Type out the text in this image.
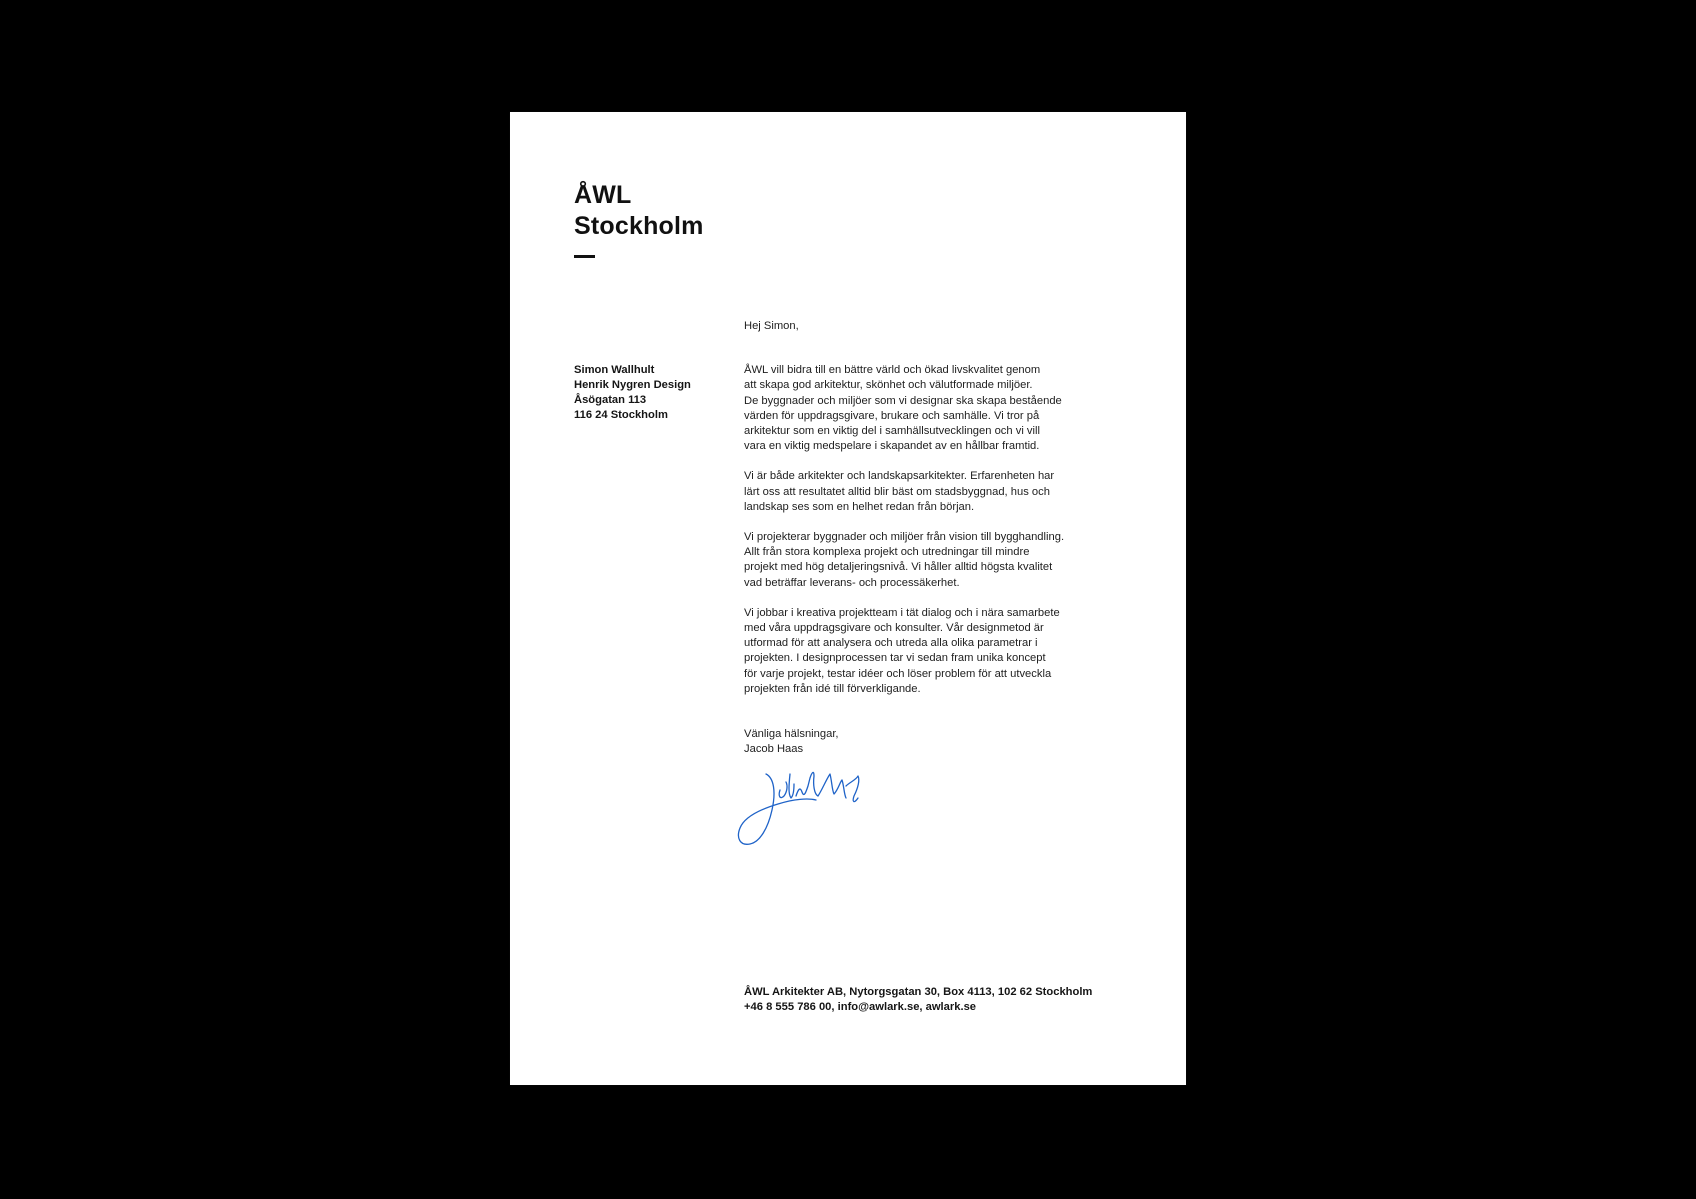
ÅWL
Stockholm
Simon Wallhult
Henrik Nygren Design
Åsögatan 113
116 24 Stockholm

Hej Simon,

ÅWL vill bidra till en bättre värld och ökad livskvalitet genom
att skapa god arkitektur, skönhet och välutformade miljöer.
De byggnader och miljöer som vi designar ska skapa bestående
värden för uppdragsgivare, brukare och samhälle. Vi tror på
arkitektur som en viktig del i samhällsutvecklingen och vi vill
vara en viktig medspelare i skapandet av en hållbar framtid.

Vi är både arkitekter och landskapsarkitekter. Erfarenheten har
lärt oss att resultatet alltid blir bäst om stadsbyggnad, hus och
landskap ses som en helhet redan från början.

Vi projekterar byggnader och miljöer från vision till bygghandling.
Allt från stora komplexa projekt och utredningar till mindre
projekt med hög detaljeringsnivå. Vi håller alltid högsta kvalitet
vad beträffar leverans- och processäkerhet.

Vi jobbar i kreativa projektteam i tät dialog och i nära samarbete
med våra uppdragsgivare och konsulter. Vår designmetod är
utformad för att analysera och utreda alla olika parametrar i
projekten. I designprocessen tar vi sedan fram unika koncept
för varje projekt, testar idéer och löser problem för att utveckla
projekten från idé till förverkligande.

Vänliga hälsningar,
Jacob Haas
ÅWL Arkitekter AB, Nytorgsgatan 30, Box 4113, 102 62 Stockholm
+46 8 555 786 00, info@awlark.se, awlark.se
